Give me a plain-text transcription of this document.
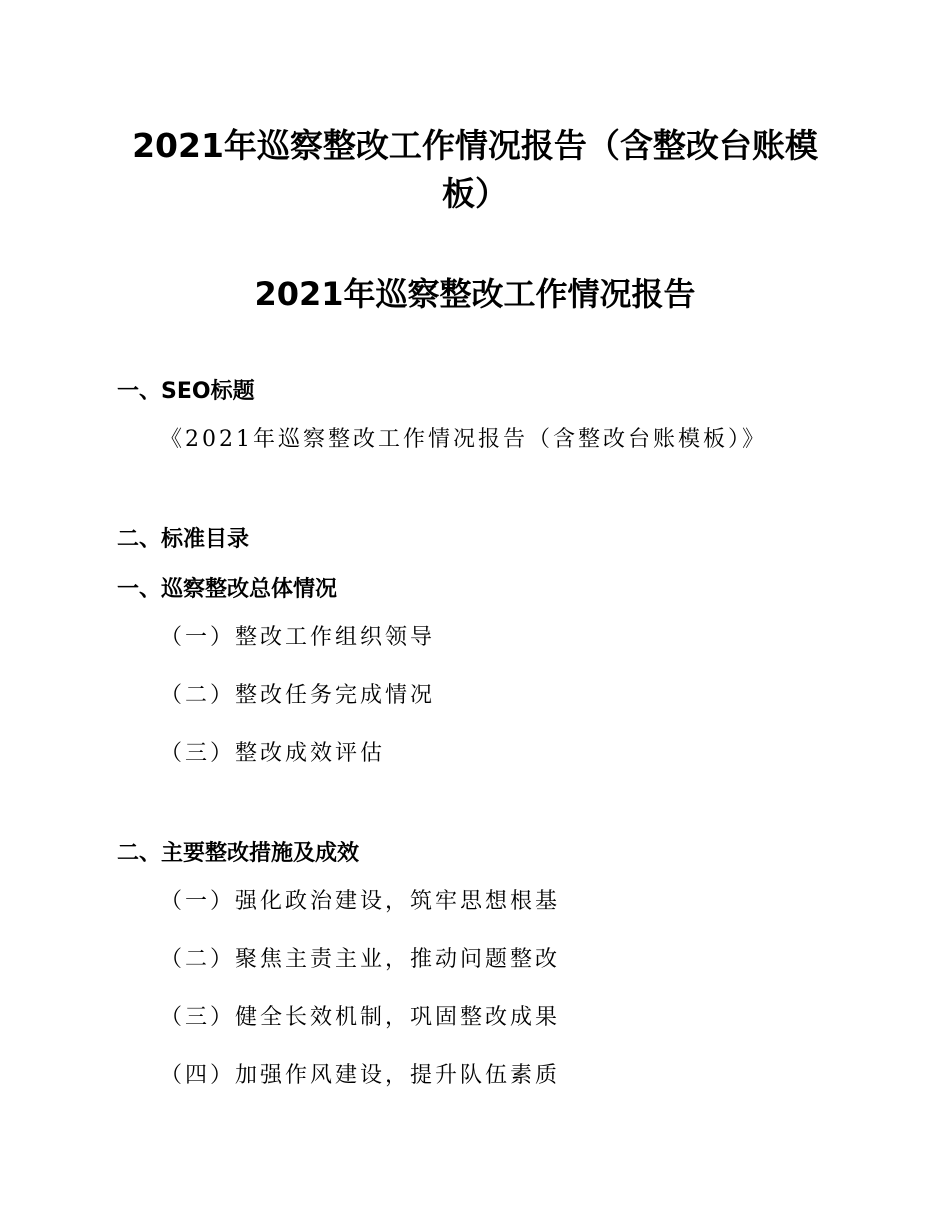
2021年巡察整改工作情况报告（含整改台账模板）
2021年巡察整改工作情况报告
一、SEO标题
《2021年巡察整改工作情况报告（含整改台账模板）》
二、标准目录
一、巡察整改总体情况
（一）整改工作组织领导
（二）整改任务完成情况
（三）整改成效评估
二、主要整改措施及成效
（一）强化政治建设，筑牢思想根基
（二）聚焦主责主业，推动问题整改
（三）健全长效机制，巩固整改成果
（四）加强作风建设，提升队伍素质
